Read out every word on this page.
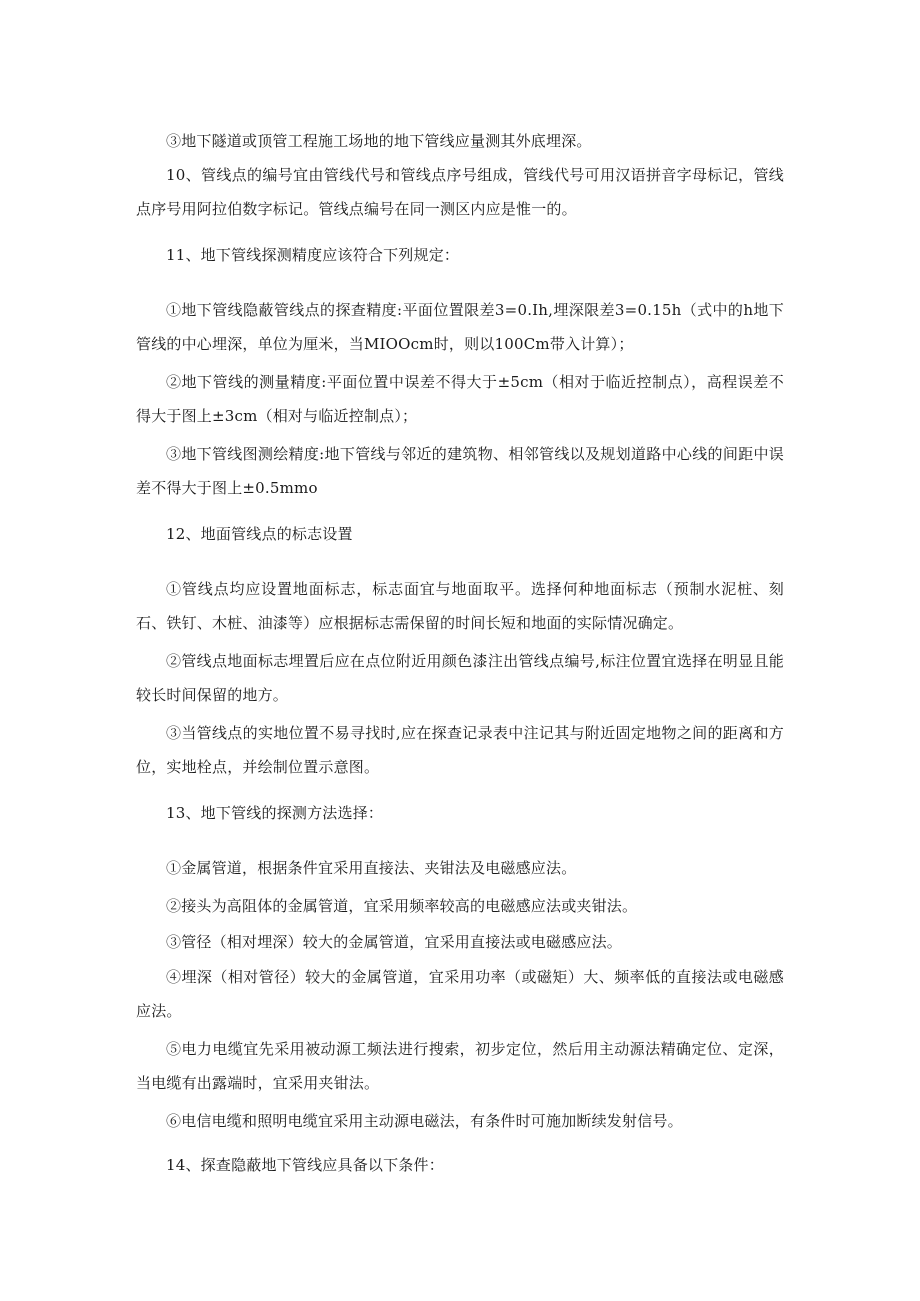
③地下隧道或顶管工程施工场地的地下管线应量测其外底埋深。

10、管线点的编号宜由管线代号和管线点序号组成，管线代号可用汉语拼音字母标记，管线点序号用阿拉伯数字标记。管线点编号在同一测区内应是惟一的。

11、地下管线探测精度应该符合下列规定：

①地下管线隐蔽管线点的探查精度:平面位置限差3=0.Ih,埋深限差3=0.15h（式中的h地下管线的中心埋深，单位为厘米，当MIOOcm时，则以100Cm带入计算）；

②地下管线的测量精度:平面位置中误差不得大于±5cm（相对于临近控制点），高程误差不得大于图上±3cm（相对与临近控制点）；

③地下管线图测绘精度:地下管线与邻近的建筑物、相邻管线以及规划道路中心线的间距中误差不得大于图上±0.5mmo

12、地面管线点的标志设置

①管线点均应设置地面标志，标志面宜与地面取平。选择何种地面标志（预制水泥桩、刻石、铁钉、木桩、油漆等）应根据标志需保留的时间长短和地面的实际情况确定。

②管线点地面标志埋置后应在点位附近用颜色漆注出管线点编号,标注位置宜选择在明显且能较长时间保留的地方。

③当管线点的实地位置不易寻找时,应在探查记录表中注记其与附近固定地物之间的距离和方位，实地栓点，并绘制位置示意图。

13、地下管线的探测方法选择：

①金属管道，根据条件宜采用直接法、夹钳法及电磁感应法。

②接头为高阻体的金属管道，宜采用频率较高的电磁感应法或夹钳法。

③管径（相对埋深）较大的金属管道，宜采用直接法或电磁感应法。

④埋深（相对管径）较大的金属管道，宜采用功率（或磁矩）大、频率低的直接法或电磁感应法。

⑤电力电缆宜先采用被动源工频法进行搜索，初步定位，然后用主动源法精确定位、定深，当电缆有出露端时，宜采用夹钳法。

⑥电信电缆和照明电缆宜采用主动源电磁法，有条件时可施加断续发射信号。

14、探查隐蔽地下管线应具备以下条件：
